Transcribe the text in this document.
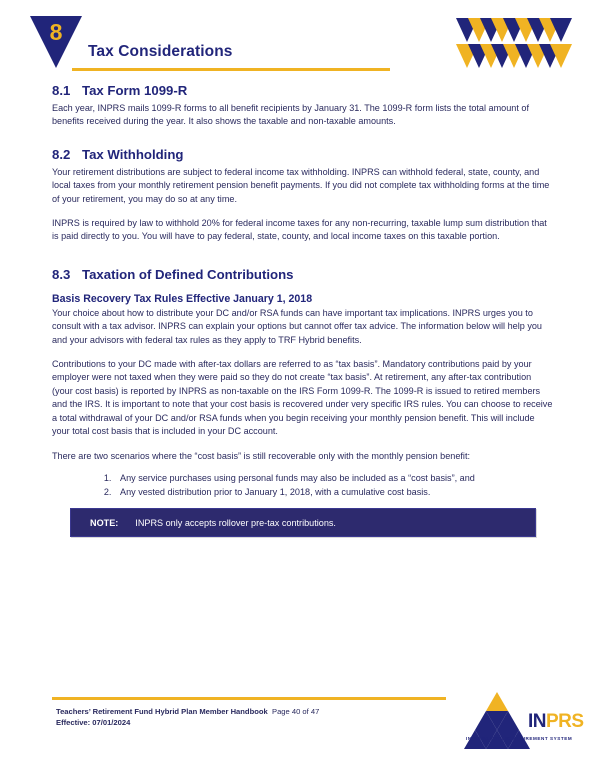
8
Tax Considerations
8.1 Tax Form 1099-R

Each year, INPRS mails 1099-R forms to all benefit recipients by January 31. The 1099-R form lists the total amount of benefits received during the year. It also shows the taxable and non-taxable amounts.

8.2 Tax Withholding

Your retirement distributions are subject to federal income tax withholding. INPRS can withhold federal, state, county, and local taxes from your monthly retirement pension benefit payments. If you did not complete tax withholding forms at the time of your retirement, you may do so at any time.

INPRS is required by law to withhold 20% for federal income taxes for any non-recurring, taxable lump sum distribution that is paid directly to you. You will have to pay federal, state, county, and local income taxes on this taxable portion.

8.3 Taxation of Defined Contributions
Basis Recovery Tax Rules Effective January 1, 2018

Your choice about how to distribute your DC and/or RSA funds can have important tax implications. INPRS urges you to consult with a tax advisor. INPRS can explain your options but cannot offer tax advice. The information below will help you and your advisors with federal tax rules as they apply to TRF Hybrid benefits.

Contributions to your DC made with after-tax dollars are referred to as “tax basis”. Mandatory contributions paid by your employer were not taxed when they were paid so they do not create “tax basis”. At retirement, any after-tax contribution (your cost basis) is reported by INPRS as non-taxable on the IRS Form 1099-R. The 1099-R is issued to retired members and the IRS. It is important to note that your cost basis is recovered under very specific IRS rules. You can choose to receive a total withdrawal of your DC and/or RSA funds when you begin receiving your monthly pension benefit. This will include your total cost basis that is included in your DC account.

There are two scenarios where the “cost basis” is still recoverable only with the monthly pension benefit:

1. Any service purchases using personal funds may also be included as a “cost basis”, and
2. Any vested distribution prior to January 1, 2018, with a cumulative cost basis.
NOTE: INPRS only accepts rollover pre-tax contributions.
Teachers’ Retirement Fund Hybrid Plan Member Handbook
Effective: 07/01/2024
Page 40 of 47	INPRS
INDIANA PUBLIC RETIREMENT SYSTEM
